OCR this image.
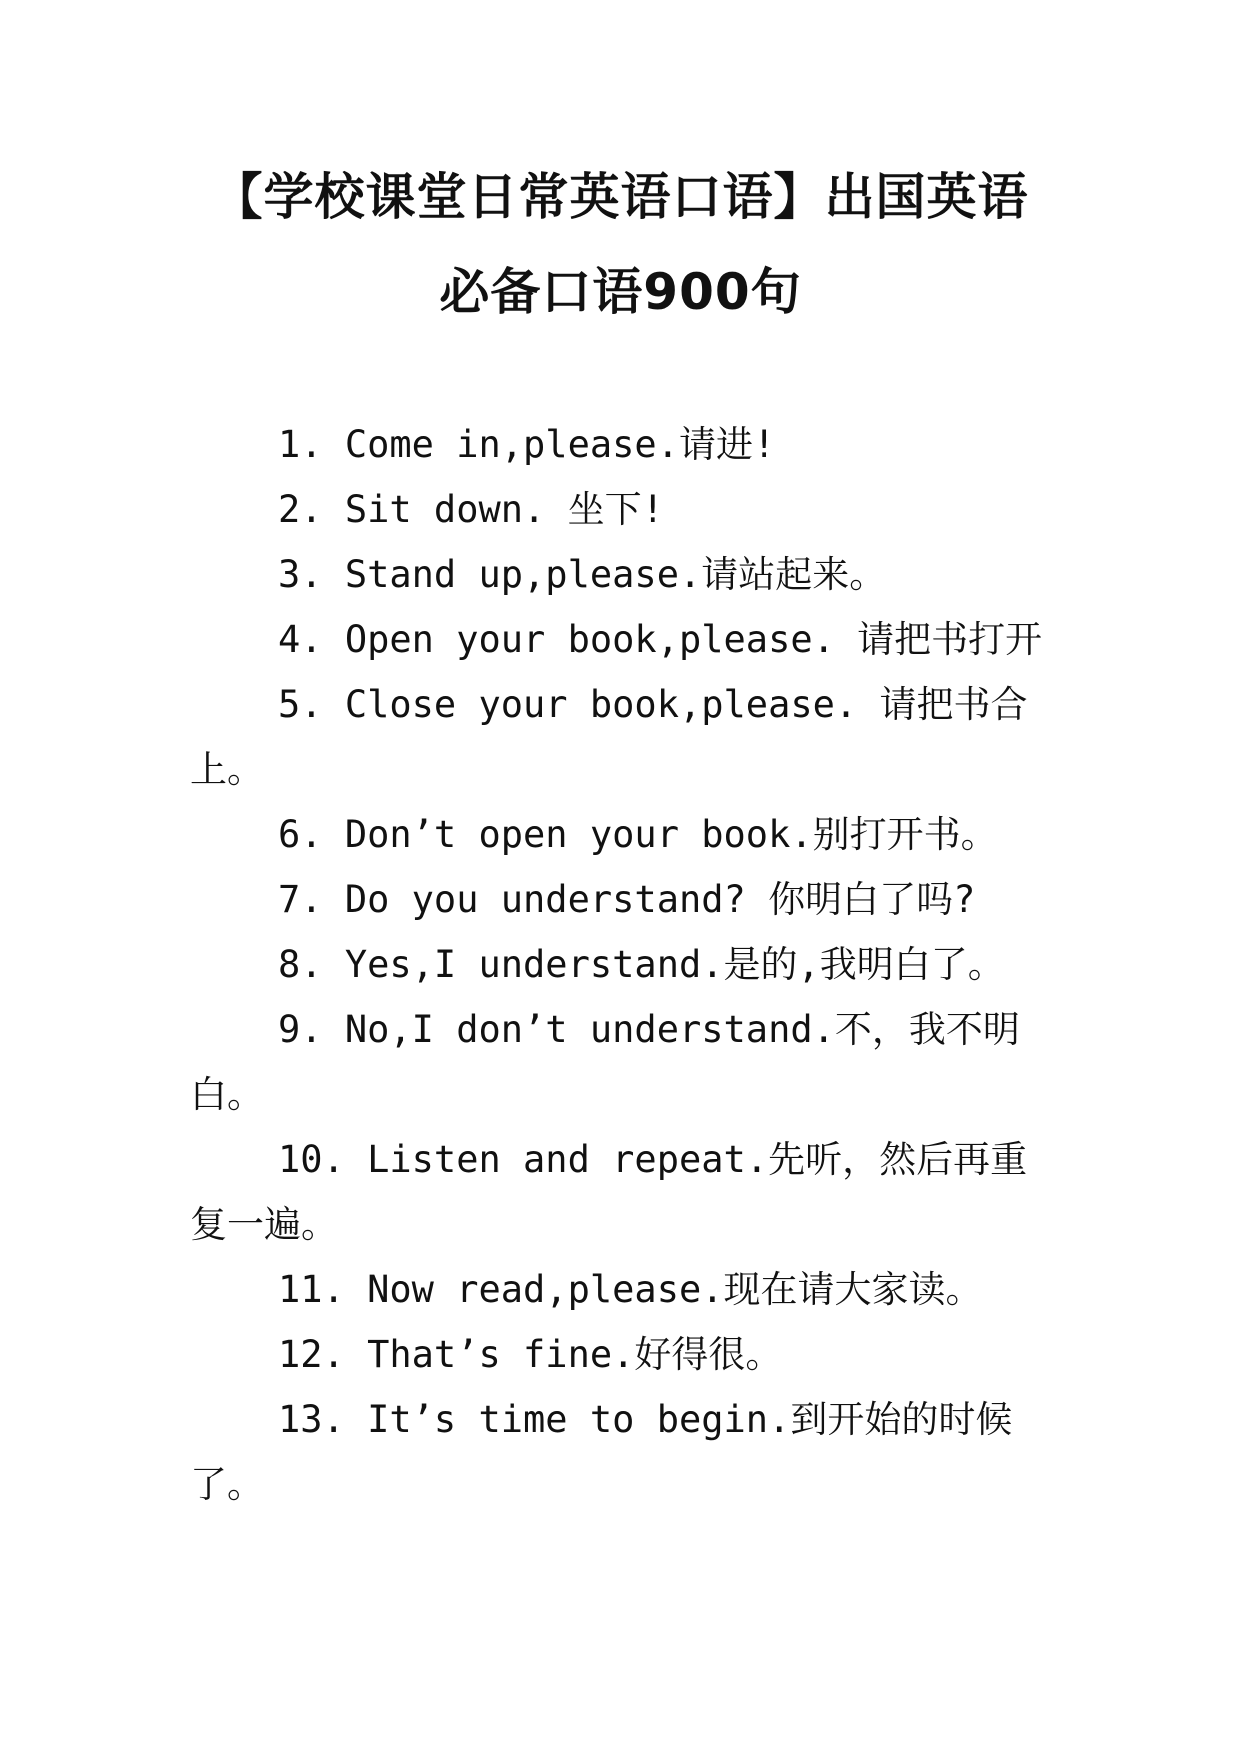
【学校课堂日常英语口语】出国英语
必备口语900句
1. Come in,please.请进!
2. Sit down. 坐下!
3. Stand up,please.请站起来。
4. Open your book,please. 请把书打开
5. Close your book,please. 请把书合上。
6. Don’t open your book.别打开书。
7. Do you understand? 你明白了吗?
8. Yes,I understand.是的,我明白了。
9. No,I don’t understand.不，我不明白。
10. Listen and repeat.先听，然后再重复一遍。
11. Now read,please.现在请大家读。
12. That’s fine.好得很。
13. It’s time to begin.到开始的时候了。
